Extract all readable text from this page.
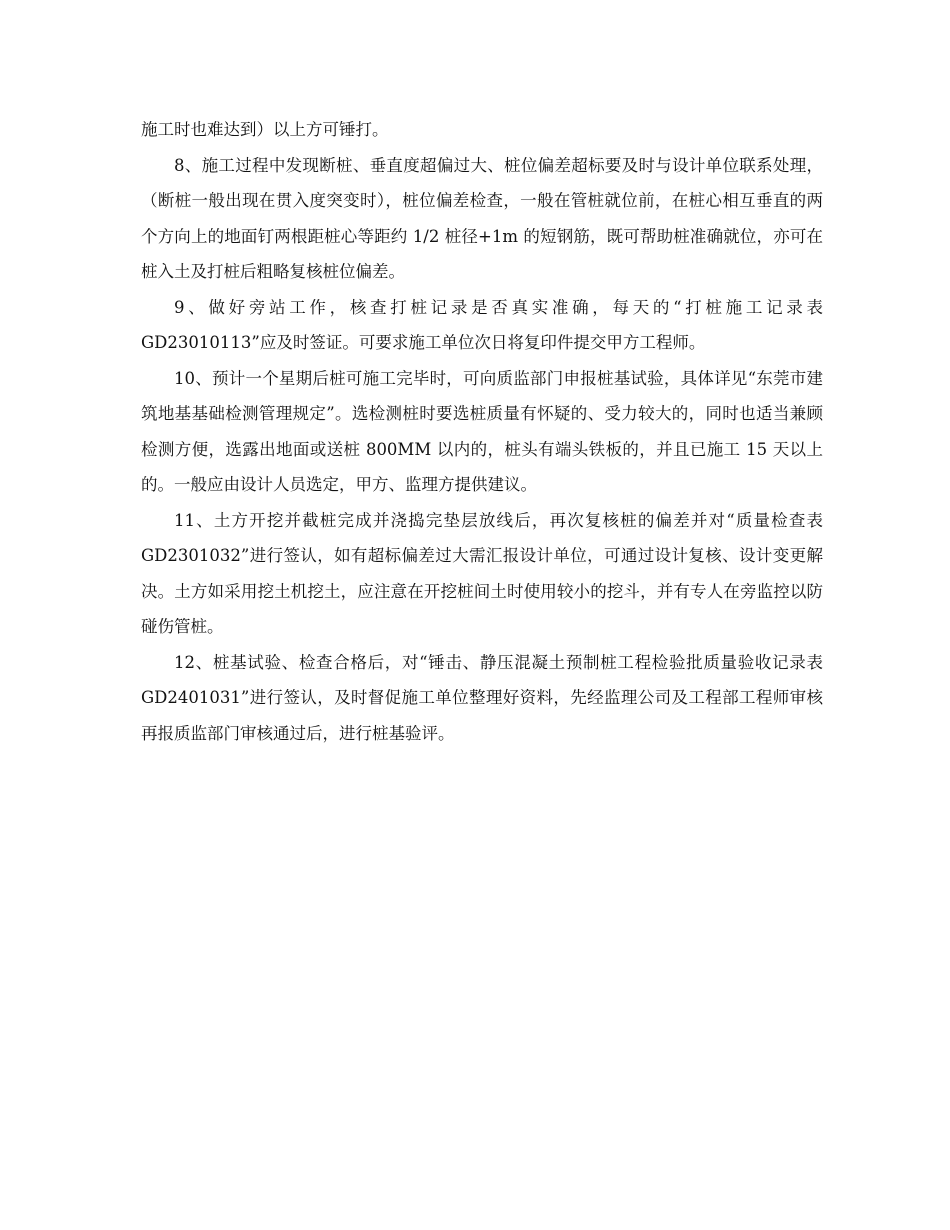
施工时也难达到）以上方可锤打。

8、施工过程中发现断桩、垂直度超偏过大、桩位偏差超标要及时与设计单位联系处理，（断桩一般出现在贯入度突变时），桩位偏差检查，一般在管桩就位前，在桩心相互垂直的两个方向上的地面钉两根距桩心等距约 1/2 桩径+1m 的短钢筋，既可帮助桩准确就位，亦可在桩入土及打桩后粗略复核桩位偏差。

9、做好旁站工作，核查打桩记录是否真实准确，每天的“打桩施工记录表 GD23010113”应及时签证。可要求施工单位次日将复印件提交甲方工程师。

10、预计一个星期后桩可施工完毕时，可向质监部门申报桩基试验，具体详见“东莞市建筑地基基础检测管理规定”。选检测桩时要选桩质量有怀疑的、受力较大的，同时也适当兼顾检测方便，选露出地面或送桩 800MM 以内的，桩头有端头铁板的，并且已施工 15 天以上的。一般应由设计人员选定，甲方、监理方提供建议。

11、土方开挖并截桩完成并浇捣完垫层放线后，再次复核桩的偏差并对“质量检查表 GD2301032”进行签认，如有超标偏差过大需汇报设计单位，可通过设计复核、设计变更解决。土方如采用挖土机挖土，应注意在开挖桩间土时使用较小的挖斗，并有专人在旁监控以防碰伤管桩。

12、桩基试验、检查合格后，对“锤击、静压混凝土预制桩工程检验批质量验收记录表 GD2401031”进行签认，及时督促施工单位整理好资料，先经监理公司及工程部工程师审核再报质监部门审核通过后，进行桩基验评。
